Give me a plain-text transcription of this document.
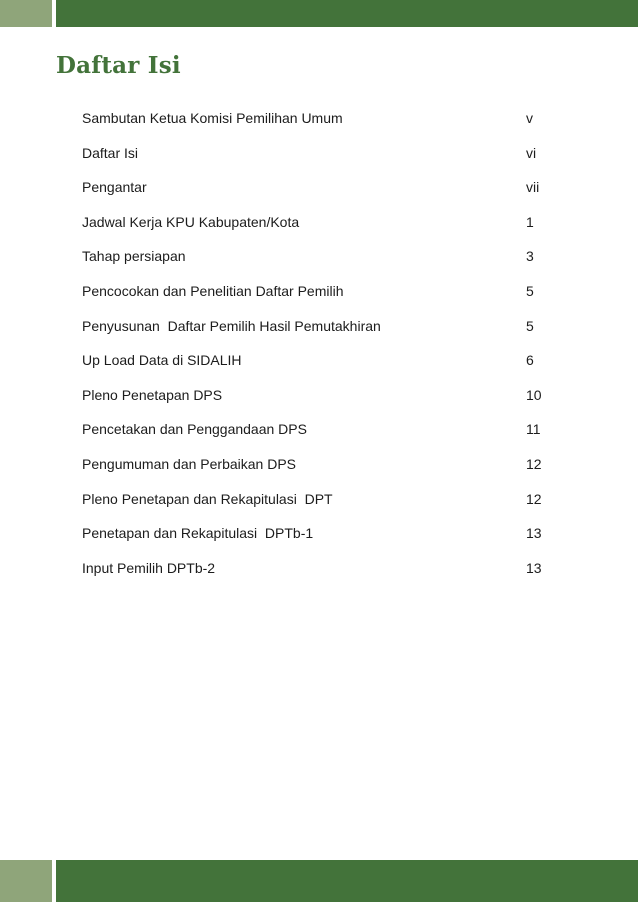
Daftar Isi
Sambutan Ketua Komisi Pemilihan Umum	v
Daftar Isi	vi
Pengantar	vii
Jadwal Kerja KPU Kabupaten/Kota	1
Tahap persiapan	3
Pencocokan dan Penelitian Daftar Pemilih	5
Penyusunan  Daftar Pemilih Hasil Pemutakhiran	5
Up Load Data di SIDALIH	6
Pleno Penetapan DPS	10
Pencetakan dan Penggandaan DPS	11
Pengumuman dan Perbaikan DPS	12
Pleno Penetapan dan Rekapitulasi  DPT	12
Penetapan dan Rekapitulasi  DPTb-1	13
Input Pemilih DPTb-2	13
